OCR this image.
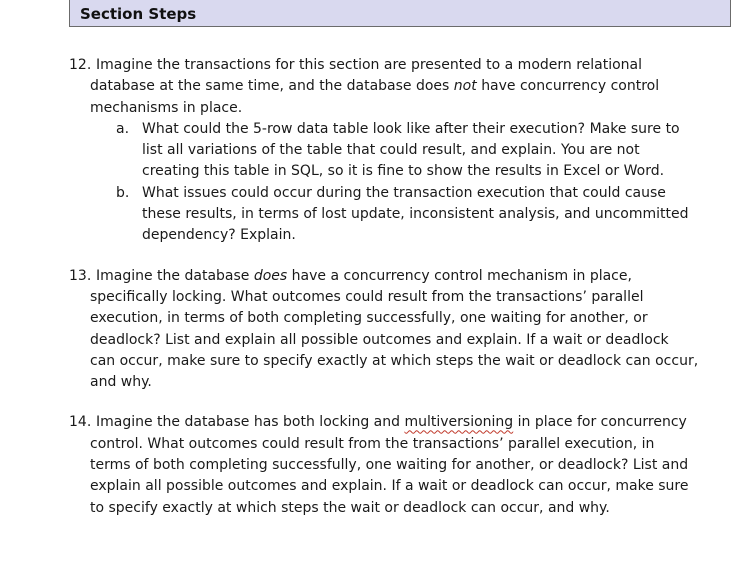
Section Steps
12. Imagine the transactions for this section are presented to a modern relational
database at the same time, and the database does not have concurrency control
mechanisms in place.
a. What could the 5-row data table look like after their execution? Make sure to
list all variations of the table that could result, and explain. You are not
creating this table in SQL, so it is fine to show the results in Excel or Word.
b. What issues could occur during the transaction execution that could cause
these results, in terms of lost update, inconsistent analysis, and uncommitted
dependency? Explain.
13. Imagine the database does have a concurrency control mechanism in place,
specifically locking. What outcomes could result from the transactions’ parallel
execution, in terms of both completing successfully, one waiting for another, or
deadlock? List and explain all possible outcomes and explain. If a wait or deadlock
can occur, make sure to specify exactly at which steps the wait or deadlock can occur,
and why.
14. Imagine the database has both locking and multiversioning in place for concurrency
control. What outcomes could result from the transactions’ parallel execution, in
terms of both completing successfully, one waiting for another, or deadlock? List and
explain all possible outcomes and explain. If a wait or deadlock can occur, make sure
to specify exactly at which steps the wait or deadlock can occur, and why.
